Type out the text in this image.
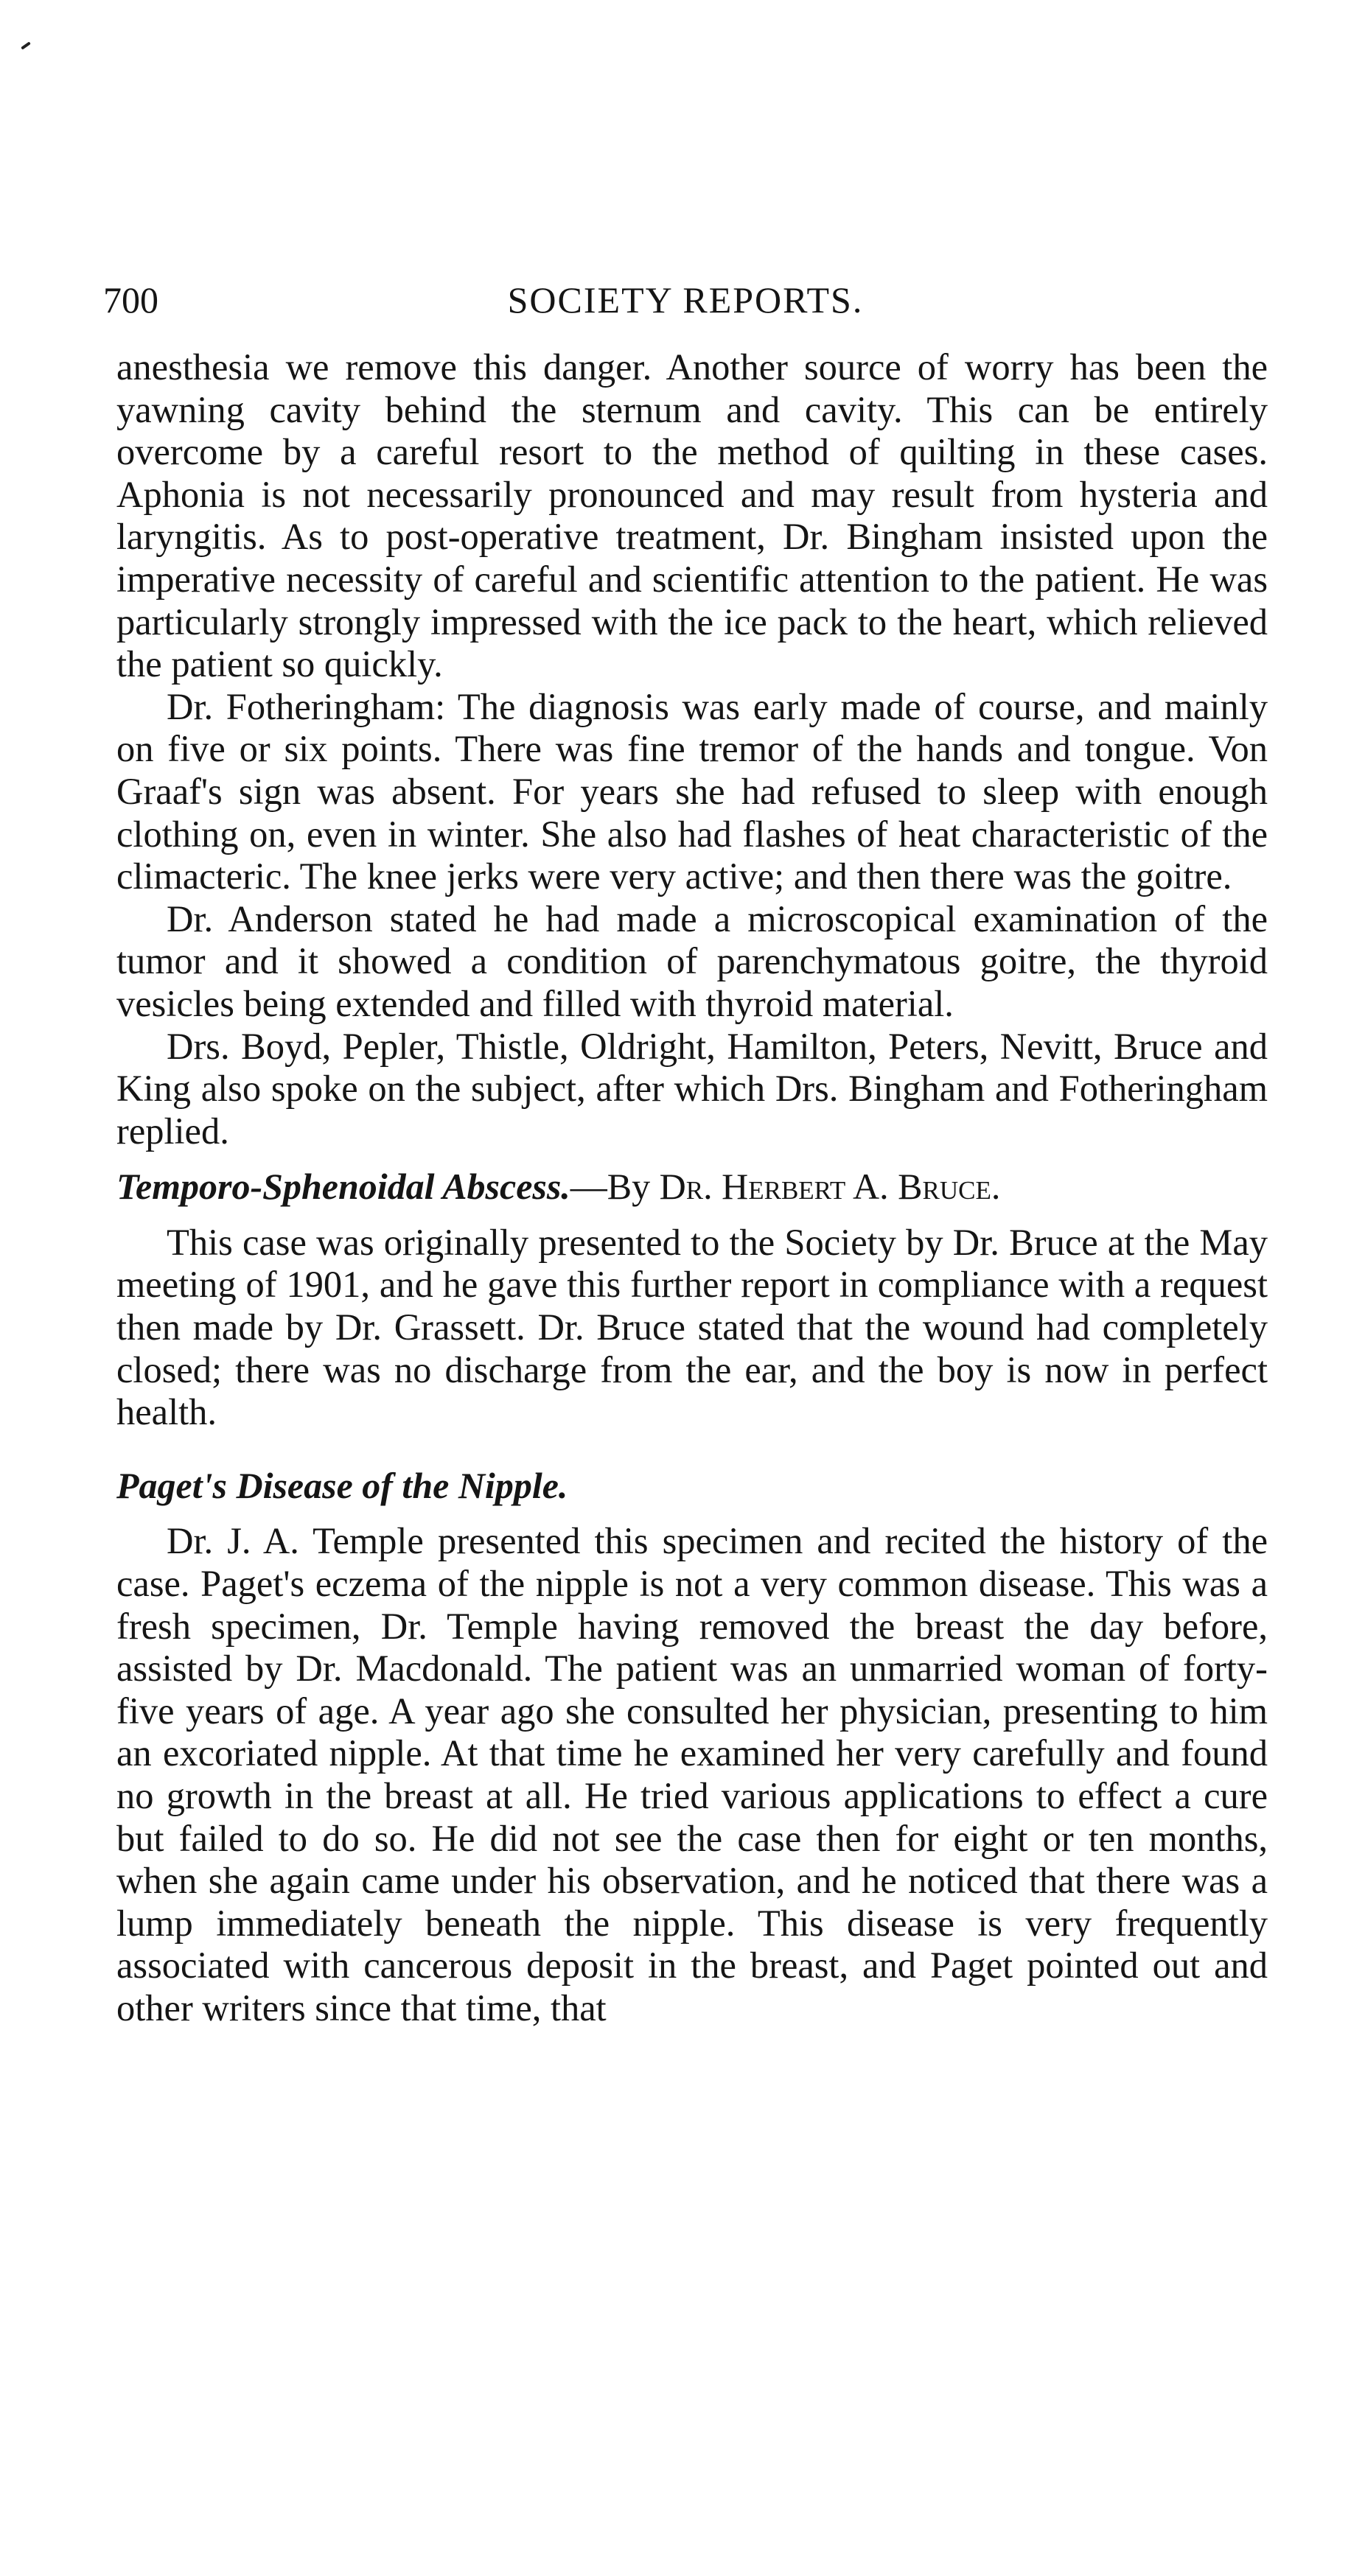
700	SOCIETY REPORTS.

anesthesia we remove this danger. Another source of worry has been the yawning cavity behind the sternum and cavity. This can be entirely overcome by a careful resort to the method of quilting in these cases. Aphonia is not necessarily pronounced and may result from hysteria and laryngitis. As to post-operative treatment, Dr. Bingham insisted upon the imperative necessity of careful and scientific attention to the patient. He was particularly strongly impressed with the ice pack to the heart, which relieved the patient so quickly.

Dr. Fotheringham: The diagnosis was early made of course, and mainly on five or six points. There was fine tremor of the hands and tongue. Von Graaf's sign was absent. For years she had refused to sleep with enough clothing on, even in winter. She also had flashes of heat characteristic of the climacteric. The knee jerks were very active; and then there was the goitre.

Dr. Anderson stated he had made a microscopical examination of the tumor and it showed a condition of parenchymatous goitre, the thyroid vesicles being extended and filled with thyroid material.

Drs. Boyd, Pepler, Thistle, Oldright, Hamilton, Peters, Nevitt, Bruce and King also spoke on the subject, after which Drs. Bingham and Fotheringham replied.

Temporo-Sphenoidal Abscess.—By Dr. Herbert A. Bruce.

This case was originally presented to the Society by Dr. Bruce at the May meeting of 1901, and he gave this further report in compliance with a request then made by Dr. Grassett. Dr. Bruce stated that the wound had completely closed; there was no discharge from the ear, and the boy is now in perfect health.

Paget's Disease of the Nipple.

Dr. J. A. Temple presented this specimen and recited the history of the case. Paget's eczema of the nipple is not a very common disease. This was a fresh specimen, Dr. Temple having removed the breast the day before, assisted by Dr. Macdonald. The patient was an unmarried woman of forty-five years of age. A year ago she consulted her physician, presenting to him an excoriated nipple. At that time he examined her very carefully and found no growth in the breast at all. He tried various applications to effect a cure but failed to do so. He did not see the case then for eight or ten months, when she again came under his observation, and he noticed that there was a lump immediately beneath the nipple. This disease is very frequently associated with cancerous deposit in the breast, and Paget pointed out and other writers since that time, that
